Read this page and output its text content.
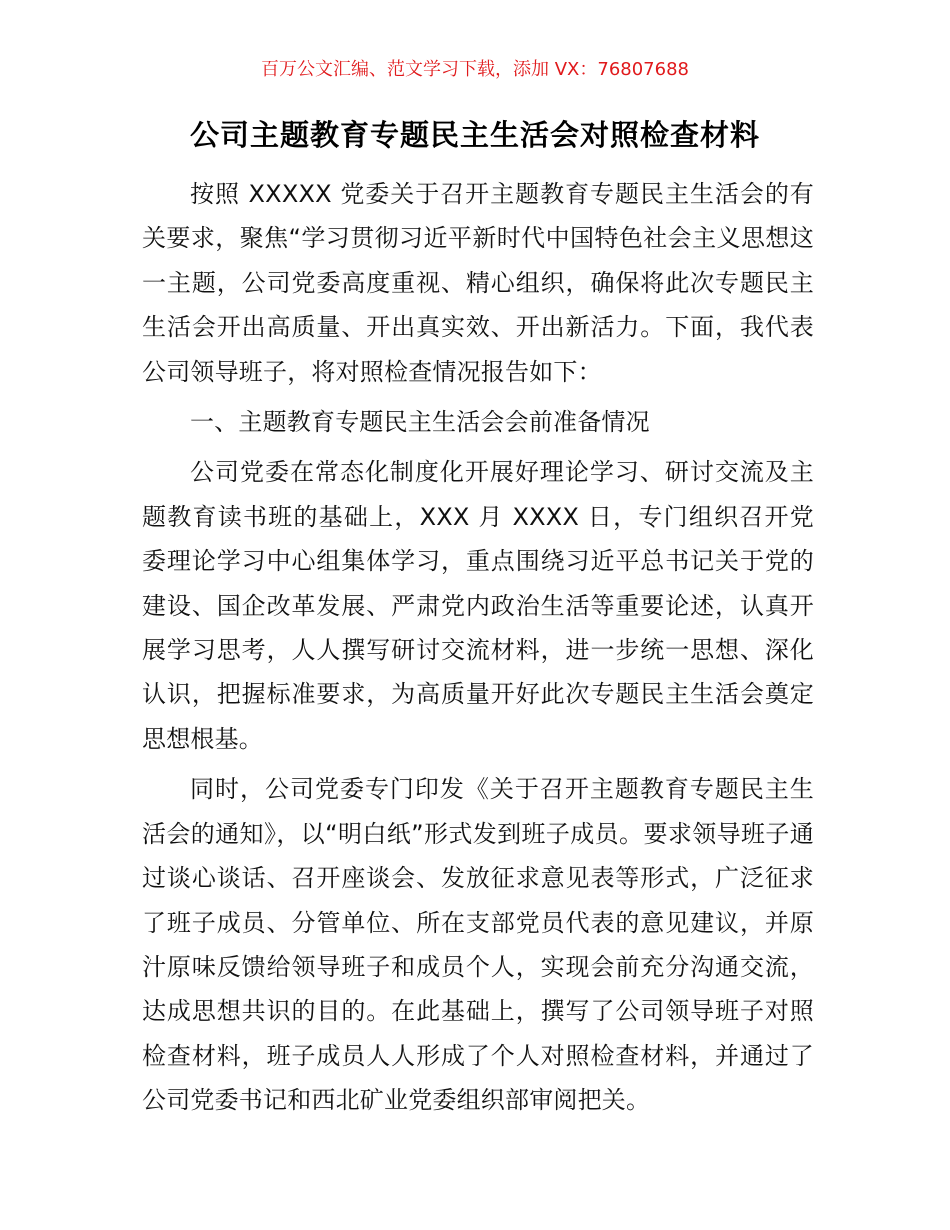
百万公文汇编、范文学习下载，添加 VX：76807688
公司主题教育专题民主生活会对照检查材料

按照 XXXXX 党委关于召开主题教育专题民主生活会的有关要求，聚焦“学习贯彻习近平新时代中国特色社会主义思想这一主题，公司党委高度重视、精心组织，确保将此次专题民主生活会开出高质量、开出真实效、开出新活力。下面，我代表公司领导班子，将对照检查情况报告如下：

一、主题教育专题民主生活会会前准备情况

公司党委在常态化制度化开展好理论学习、研讨交流及主题教育读书班的基础上，XXX 月 XXXX 日，专门组织召开党委理论学习中心组集体学习，重点围绕习近平总书记关于党的建设、国企改革发展、严肃党内政治生活等重要论述，认真开展学习思考，人人撰写研讨交流材料，进一步统一思想、深化认识，把握标准要求，为高质量开好此次专题民主生活会奠定思想根基。

同时，公司党委专门印发《关于召开主题教育专题民主生活会的通知》，以“明白纸”形式发到班子成员。要求领导班子通过谈心谈话、召开座谈会、发放征求意见表等形式，广泛征求了班子成员、分管单位、所在支部党员代表的意见建议，并原汁原味反馈给领导班子和成员个人，实现会前充分沟通交流，达成思想共识的目的。在此基础上，撰写了公司领导班子对照检查材料，班子成员人人形成了个人对照检查材料，并通过了公司党委书记和西北矿业党委组织部审阅把关。
